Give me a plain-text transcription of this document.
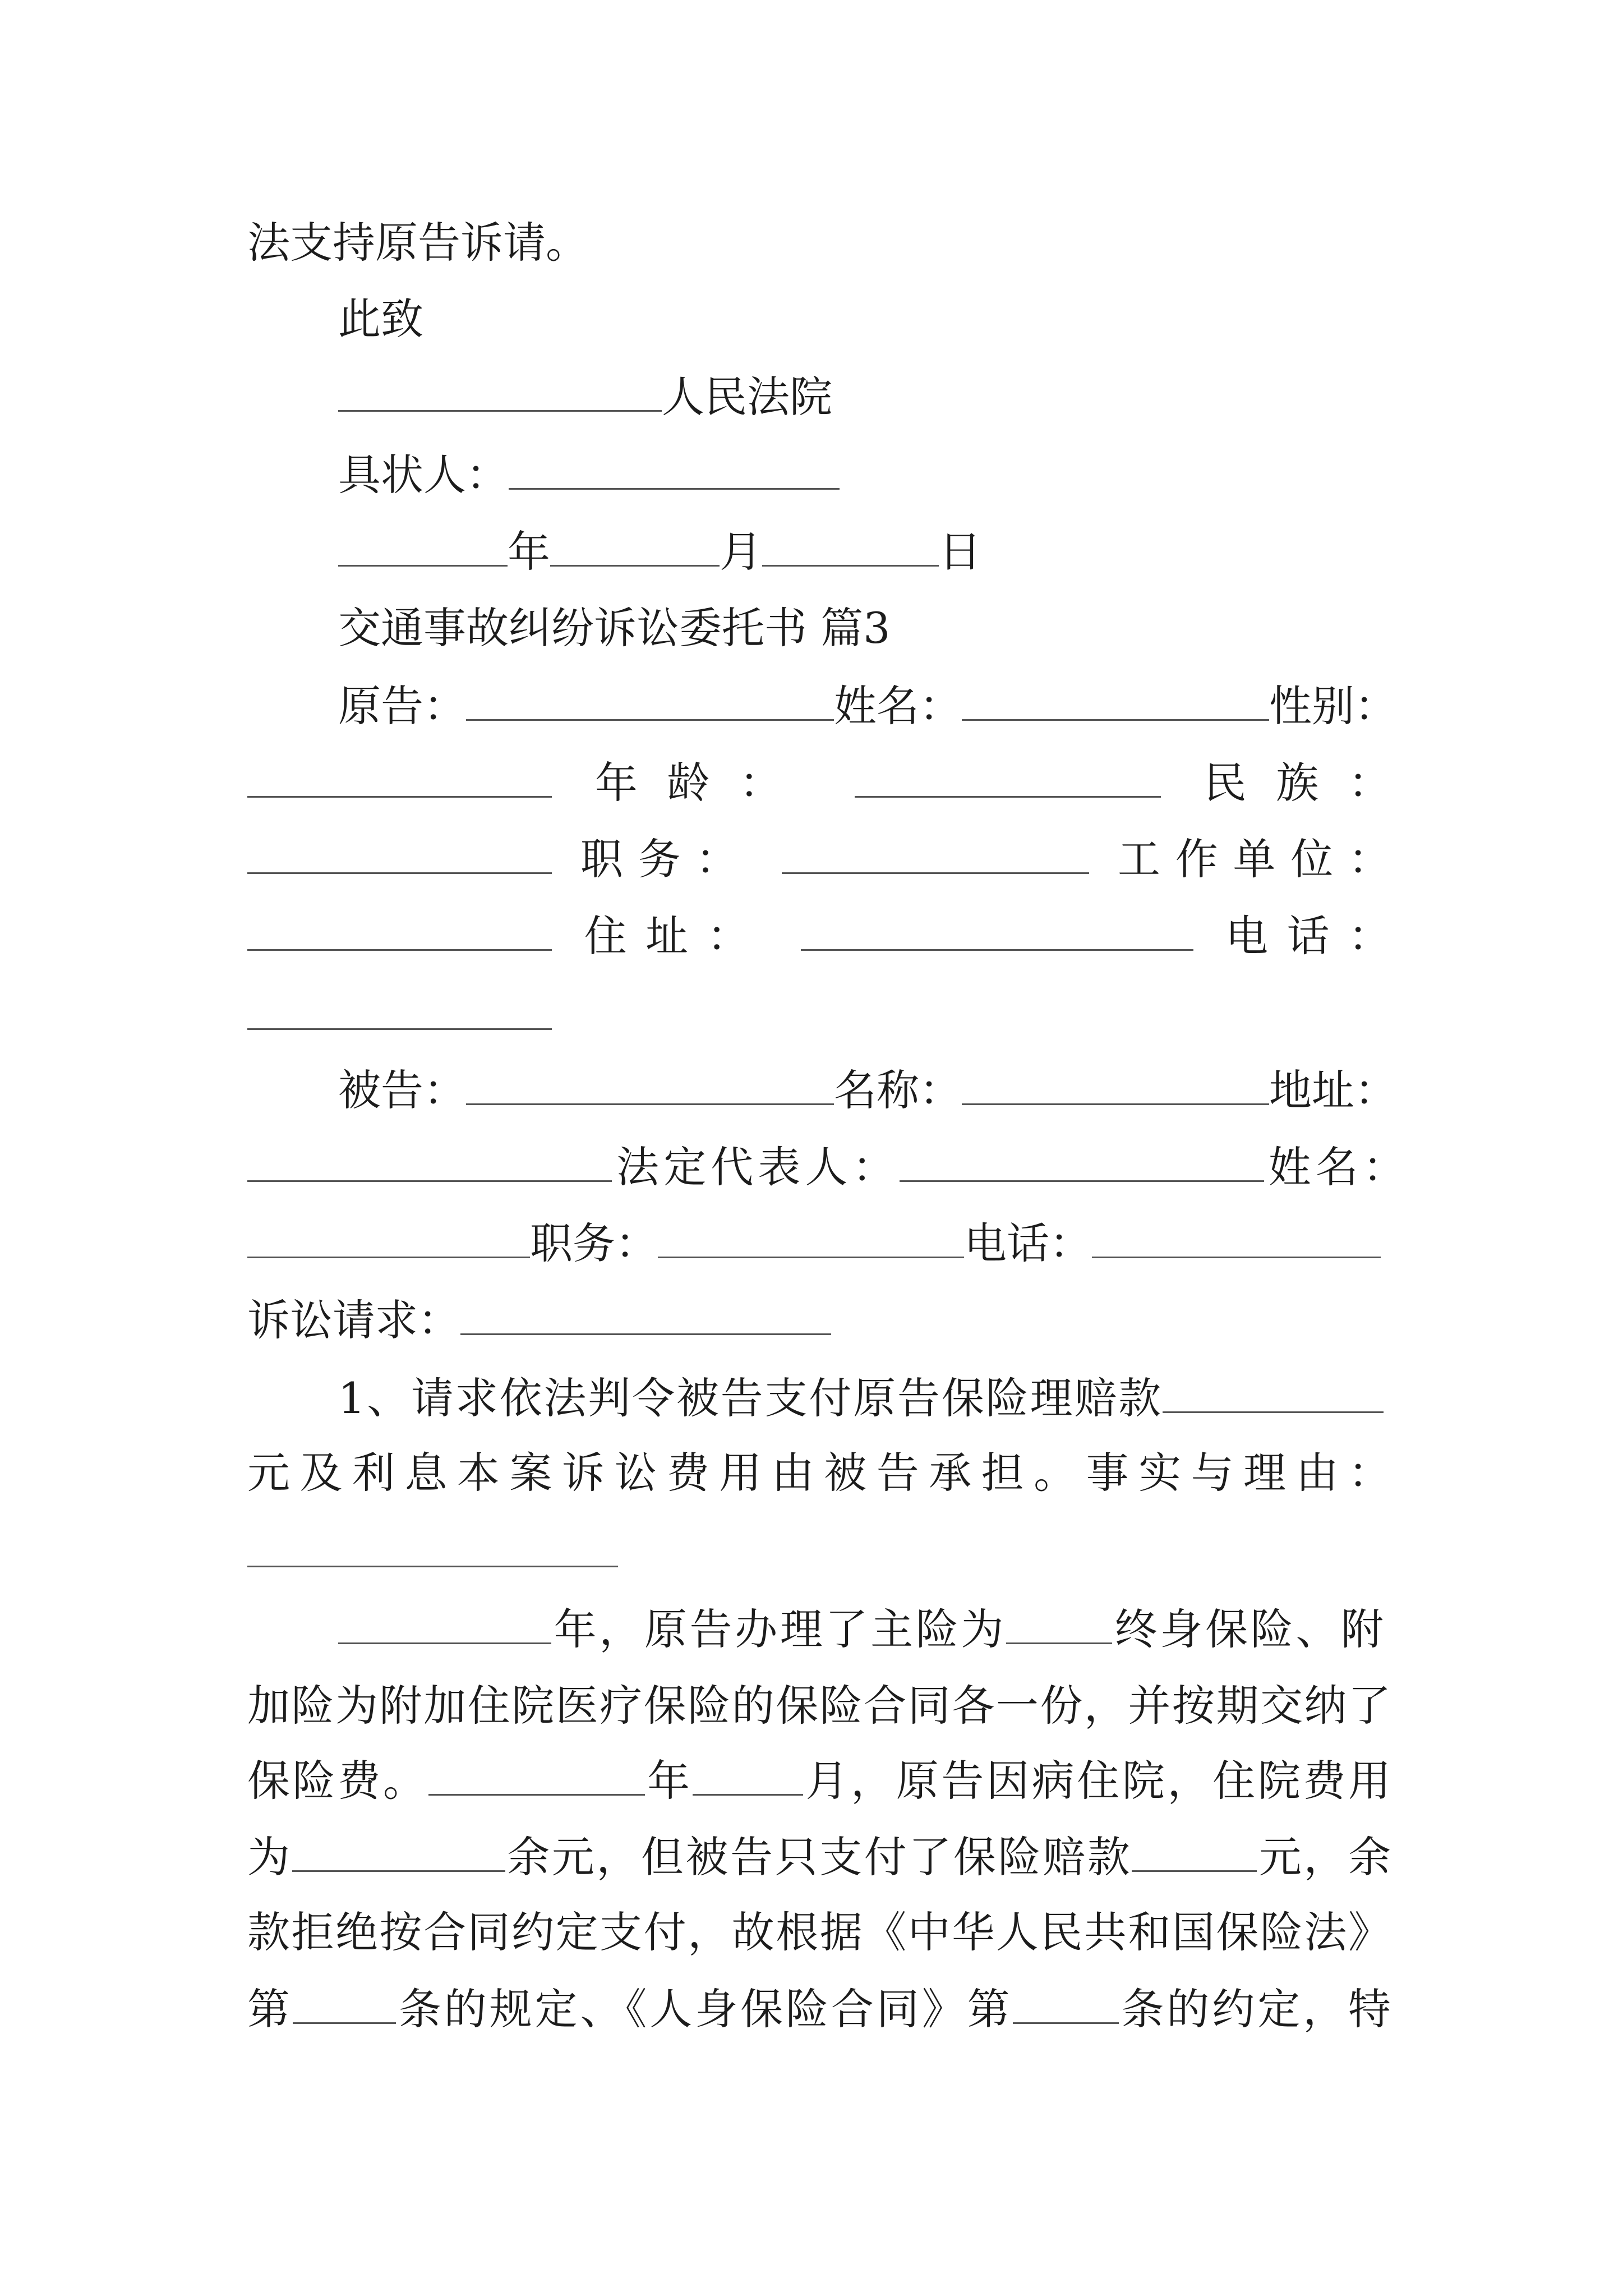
法支持原告诉请。
此致
人民法院
具状人：
年	月	日
交通事故纠纷诉讼委托书 篇3
原告：	姓名：	性别：
年龄：	民族：
职务：	工作单位：
住址：	电话：
被告：	名称：	地址：
法定代表人：	姓名：
职务：	电话：
诉讼请求：
1、请求依法判令被告支付原告保险理赔款
元及利息本案诉讼费用由被告承担。事实与理由：
年，原告办理了主险为 终身保险、附
加险为附加住院医疗保险的保险合同各一份，并按期交纳了
保险费。	年	月，原告因病住院，住院费用
为	余元，但被告只支付了保险赔款	元，余
款拒绝按合同约定支付，故根据《中华人民共和国保险法》
第 条的规定、《人身保险合同》第 条的约定，特
